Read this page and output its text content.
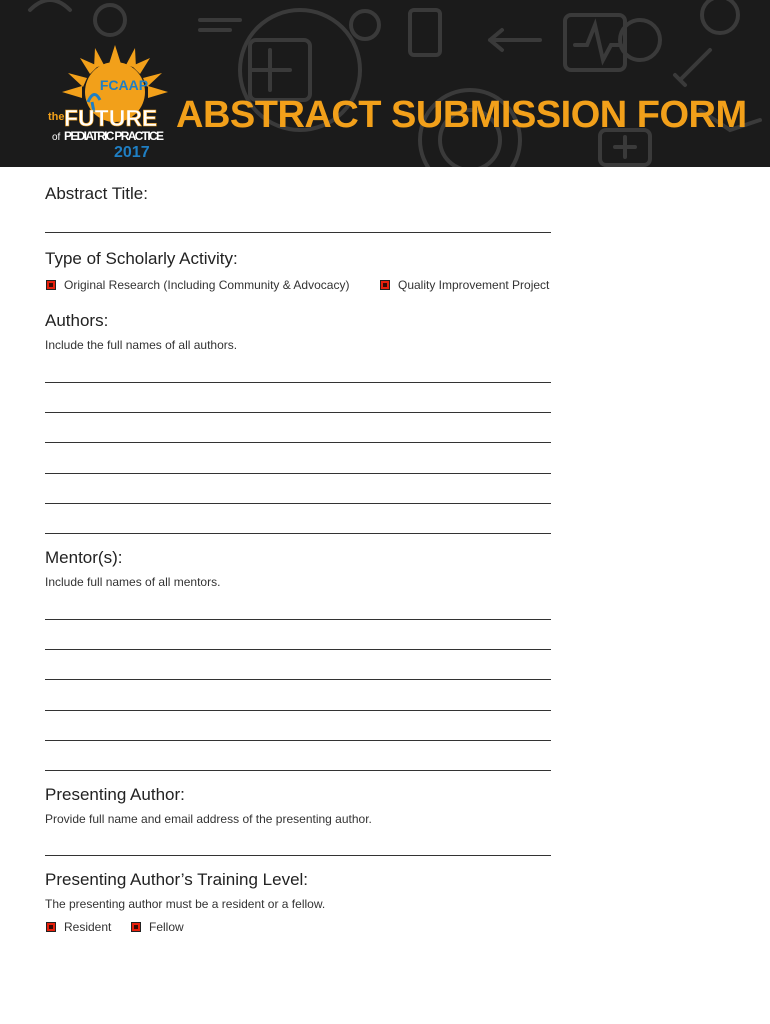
FCAAP
the FUTURE
of PEDIATRIC PRACTICE
2017
ABSTRACT SUBMISSION FORM
Abstract Title:
Type of Scholarly Activity:
Original Research (Including Community & Advocacy)	Quality Improvement Project
Authors:

Include the full names of all authors.

Mentor(s):

Include full names of all mentors.

Presenting Author:

Provide full name and email address of the presenting author.

Presenting Author’s Training Level:

The presenting author must be a resident or a fellow.

Resident	Fellow
